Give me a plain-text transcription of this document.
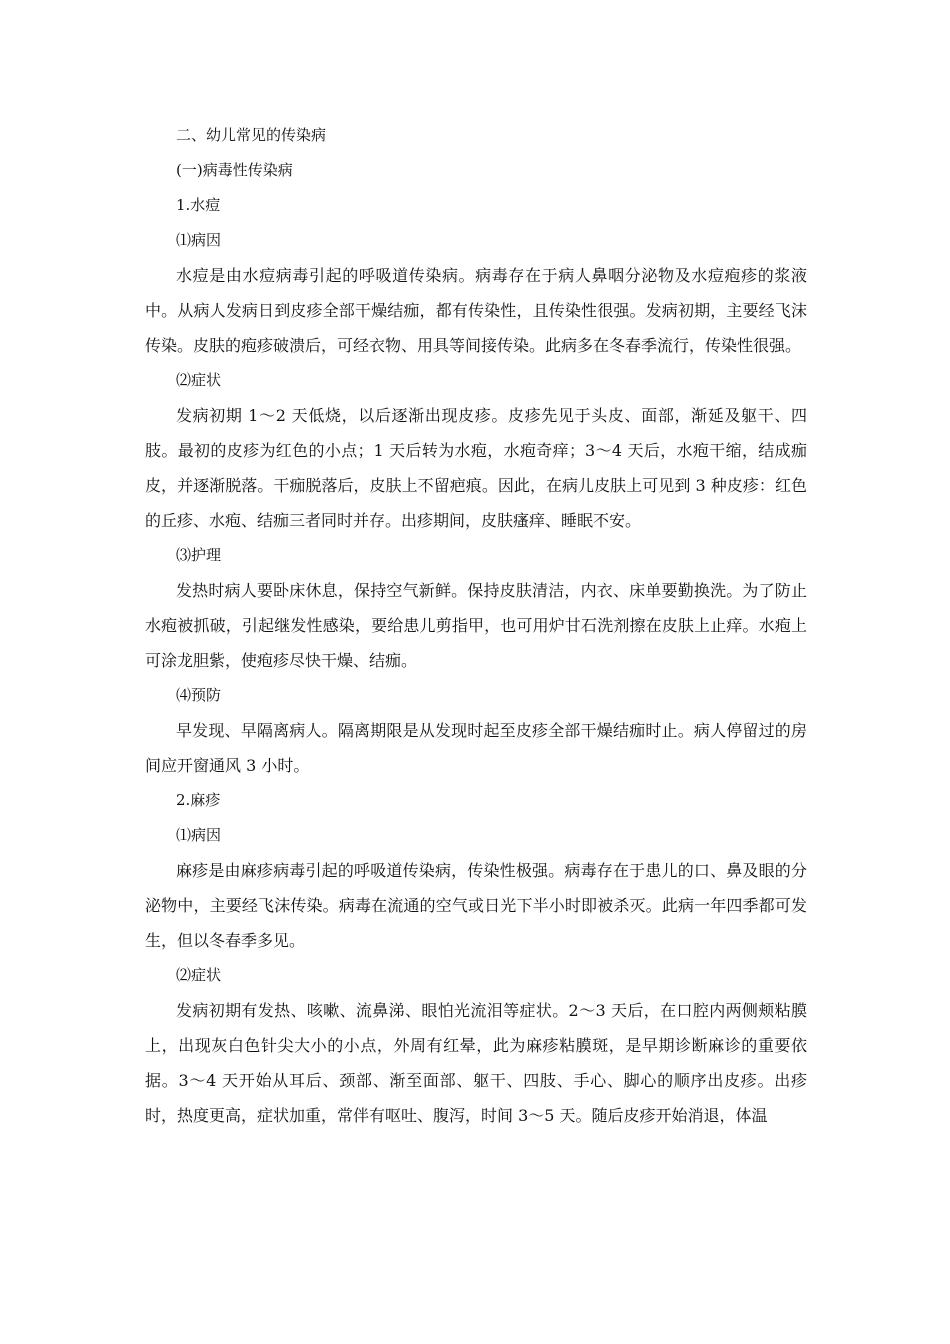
二、幼儿常见的传染病
(一)病毒性传染病
1.水痘
⑴病因

水痘是由水痘病毒引起的呼吸道传染病。病毒存在于病人鼻咽分泌物及水痘疱疹的浆液中。从病人发病日到皮疹全部干燥结痂，都有传染性，且传染性很强。发病初期，主要经飞沫传染。皮肤的疱疹破溃后，可经衣物、用具等间接传染。此病多在冬春季流行，传染性很强。

⑵症状

发病初期 1～2 天低烧，以后逐渐出现皮疹。皮疹先见于头皮、面部，渐延及躯干、四肢。最初的皮疹为红色的小点；1 天后转为水疱，水疱奇痒；3～4 天后，水疱干缩，结成痂皮，并逐渐脱落。干痂脱落后，皮肤上不留疤痕。因此，在病儿皮肤上可见到 3 种皮疹：红色的丘疹、水疱、结痂三者同时并存。出疹期间，皮肤瘙痒、睡眠不安。

⑶护理

发热时病人要卧床休息，保持空气新鲜。保持皮肤清洁，内衣、床单要勤换洗。为了防止水疱被抓破，引起继发性感染，要给患儿剪指甲，也可用炉甘石洗剂擦在皮肤上止痒。水疱上可涂龙胆紫，使疱疹尽快干燥、结痂。

⑷预防

早发现、早隔离病人。隔离期限是从发现时起至皮疹全部干燥结痂时止。病人停留过的房间应开窗通风 3 小时。

2.麻疹
⑴病因

麻疹是由麻疹病毒引起的呼吸道传染病，传染性极强。病毒存在于患儿的口、鼻及眼的分泌物中，主要经飞沫传染。病毒在流通的空气或日光下半小时即被杀灭。此病一年四季都可发生，但以冬春季多见。

⑵症状

发病初期有发热、咳嗽、流鼻涕、眼怕光流泪等症状。2～3 天后，在口腔内两侧颊粘膜上，出现灰白色针尖大小的小点，外周有红晕，此为麻疹粘膜斑，是早期诊断麻诊的重要依据。3～4 天开始从耳后、颈部、渐至面部、躯干、四肢、手心、脚心的顺序出皮疹。出疹时，热度更高，症状加重，常伴有呕吐、腹泻，时间 3～5 天。随后皮疹开始消退，体温
